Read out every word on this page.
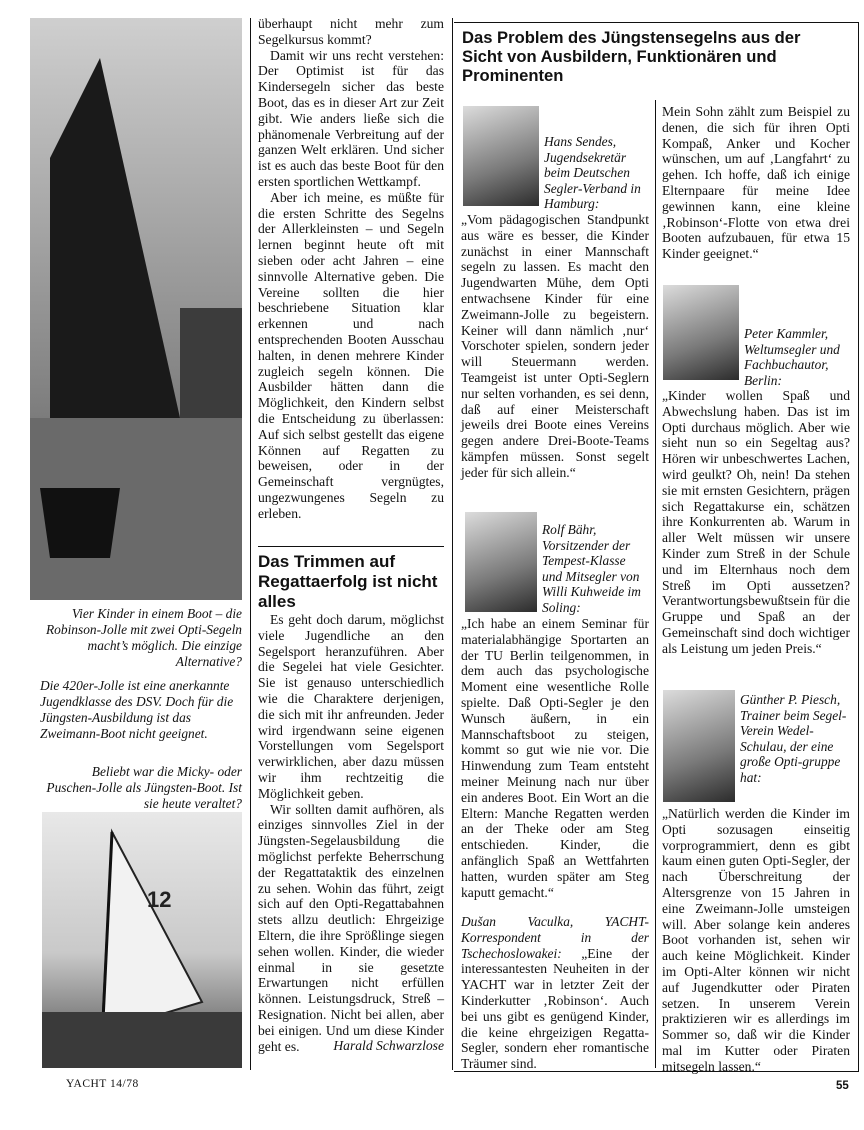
Vier Kinder in einem Boot – die Robinson-Jolle mit zwei Opti-Segeln macht’s möglich. Die einzige Alternative?
Die 420er-Jolle ist eine anerkannte Jugendklasse des DSV. Doch für die Jüngsten-Ausbildung ist das Zweimann-Boot nicht geeignet.
Beliebt war die Micky- oder Puschen-Jolle als Jüngsten-Boot. Ist sie heute veraltet?
12

überhaupt nicht mehr zum Segelkursus kommt?

Damit wir uns recht verstehen: Der Optimist ist für das Kindersegeln sicher das beste Boot, das es in dieser Art zur Zeit gibt. Wie anders ließe sich die phänomenale Verbreitung auf der ganzen Welt erklären. Und sicher ist es auch das beste Boot für den ersten sportlichen Wettkampf.

Aber ich meine, es müßte für die ersten Schritte des Segelns der Allerkleinsten – und Segeln lernen beginnt heute oft mit sieben oder acht Jahren – eine sinnvolle Alternative geben. Die Vereine sollten die hier beschriebene Situation klar erkennen und nach entsprechenden Booten Ausschau halten, in denen mehrere Kinder zugleich segeln können. Die Ausbilder hätten dann die Möglichkeit, den Kindern selbst die Entscheidung zu überlassen: Auf sich selbst gestellt das eigene Können auf Regatten zu beweisen, oder in der Gemeinschaft vergnügtes, ungezwungenes Segeln zu erleben.

Das Trimmen auf Regattaerfolg ist nicht alles

Es geht doch darum, möglichst viele Jugendliche an den Segelsport heranzuführen. Aber die Segelei hat viele Gesichter. Sie ist genauso unterschiedlich wie die Charaktere derjenigen, die sich mit ihr anfreunden. Jeder wird irgendwann seine eigenen Vorstellungen vom Segelsport verwirklichen, aber dazu müssen wir ihm rechtzeitig die Möglichkeit geben.

Wir sollten damit aufhören, als einziges sinnvolles Ziel in der Jüngsten-Segelausbildung die möglichst perfekte Beherrschung der Regattataktik des einzelnen zu sehen. Wohin das führt, zeigt sich auf den Opti-Regattabahnen stets allzu deutlich: Ehrgeizige Eltern, die ihre Sprößlinge siegen sehen wollen. Kinder, die wieder einmal in sie gesetzte Erwartungen nicht erfüllen können. Leistungsdruck, Streß – Resignation. Nicht bei allen, aber bei einigen. Und um diese Kinder geht es.	Harald Schwarzlose
Das Problem des Jüngstensegelns aus der Sicht von Ausbildern, Funktionären und Prominenten
Hans Sendes, Jugendsekretär beim Deutschen Segler-Verband in Hamburg:
„Vom pädagogischen Standpunkt aus wäre es besser, die Kinder zunächst in einer Mannschaft segeln zu lassen. Es macht den Jugendwarten Mühe, dem Opti entwachsene Kinder für eine Zweimann-Jolle zu begeistern. Keiner will dann nämlich ‚nur‘ Vorschoter spielen, sondern jeder will Steuermann werden. Teamgeist ist unter Opti-Seglern nur selten vorhanden, es sei denn, daß auf einer Meisterschaft jeweils drei Boote eines Vereins gegen andere Drei-Boote-Teams kämpfen müssen. Sonst segelt jeder für sich allein.“
Rolf Bähr, Vorsitzender der Tempest-Klasse und Mitsegler von Willi Kuhweide im Soling:
„Ich habe an einem Seminar für materialabhängige Sportarten an der TU Berlin teilgenommen, in dem auch das psychologische Moment eine wesentliche Rolle spielte. Daß Opti-Segler je den Wunsch äußern, in ein Mannschaftsboot zu steigen, kommt so gut wie nie vor. Die Hinwendung zum Team entsteht meiner Meinung nach nur über ein anderes Boot. Ein Wort an die Eltern: Manche Regatten werden an der Theke oder am Steg entschieden. Kinder, die anfänglich Spaß an Wettfahrten hatten, wurden später am Steg kaputt gemacht.“
Dušan Vaculka, YACHT-Korrespondent in der Tschechoslowakei: „Eine der interessantesten Neuheiten in der YACHT war in letzter Zeit der Kinderkutter ‚Robinson‘. Auch bei uns gibt es genügend Kinder, die keine ehrgeizigen Regatta-Segler, sondern eher romantische Träumer sind.
Mein Sohn zählt zum Beispiel zu denen, die sich für ihren Opti Kompaß, Anker und Kocher wünschen, um auf ‚Langfahrt‘ zu gehen. Ich hoffe, daß ich einige Elternpaare für meine Idee gewinnen kann, eine kleine ‚Robinson‘-Flotte von etwa drei Booten aufzubauen, für etwa 15 Kinder geeignet.“
Peter Kammler, Weltumsegler und Fachbuchautor, Berlin:
„Kinder wollen Spaß und Abwechslung haben. Das ist im Opti durchaus möglich. Aber wie sieht nun so ein Segeltag aus? Hören wir unbeschwertes Lachen, wird geulkt? Oh, nein! Da stehen sie mit ernsten Gesichtern, prägen sich Regattakurse ein, schätzen ihre Konkurrenten ab. Warum in aller Welt müssen wir unsere Kinder zum Streß in der Schule und im Elternhaus noch dem Streß im Opti aussetzen? Verantwortungsbewußtsein für die Gruppe und Spaß an der Gemeinschaft sind doch wichtiger als Leistung um jeden Preis.“
Günther P. Piesch, Trainer beim Segel-Verein Wedel-Schulau, der eine große Opti-gruppe hat:
„Natürlich werden die Kinder im Opti sozusagen einseitig vorprogrammiert, denn es gibt kaum einen guten Opti-Segler, der nach Überschreitung der Altersgrenze von 15 Jahren in eine Zweimann-Jolle umsteigen will. Aber solange kein anderes Boot vorhanden ist, sehen wir auch keine Möglichkeit. Kinder im Opti-Alter können wir nicht auf Jugendkutter oder Piraten setzen. In unserem Verein praktizieren wir es allerdings im Sommer so, daß wir die Kinder mal im Kutter oder Piraten mitsegeln lassen.“
YACHT 14/78	55
